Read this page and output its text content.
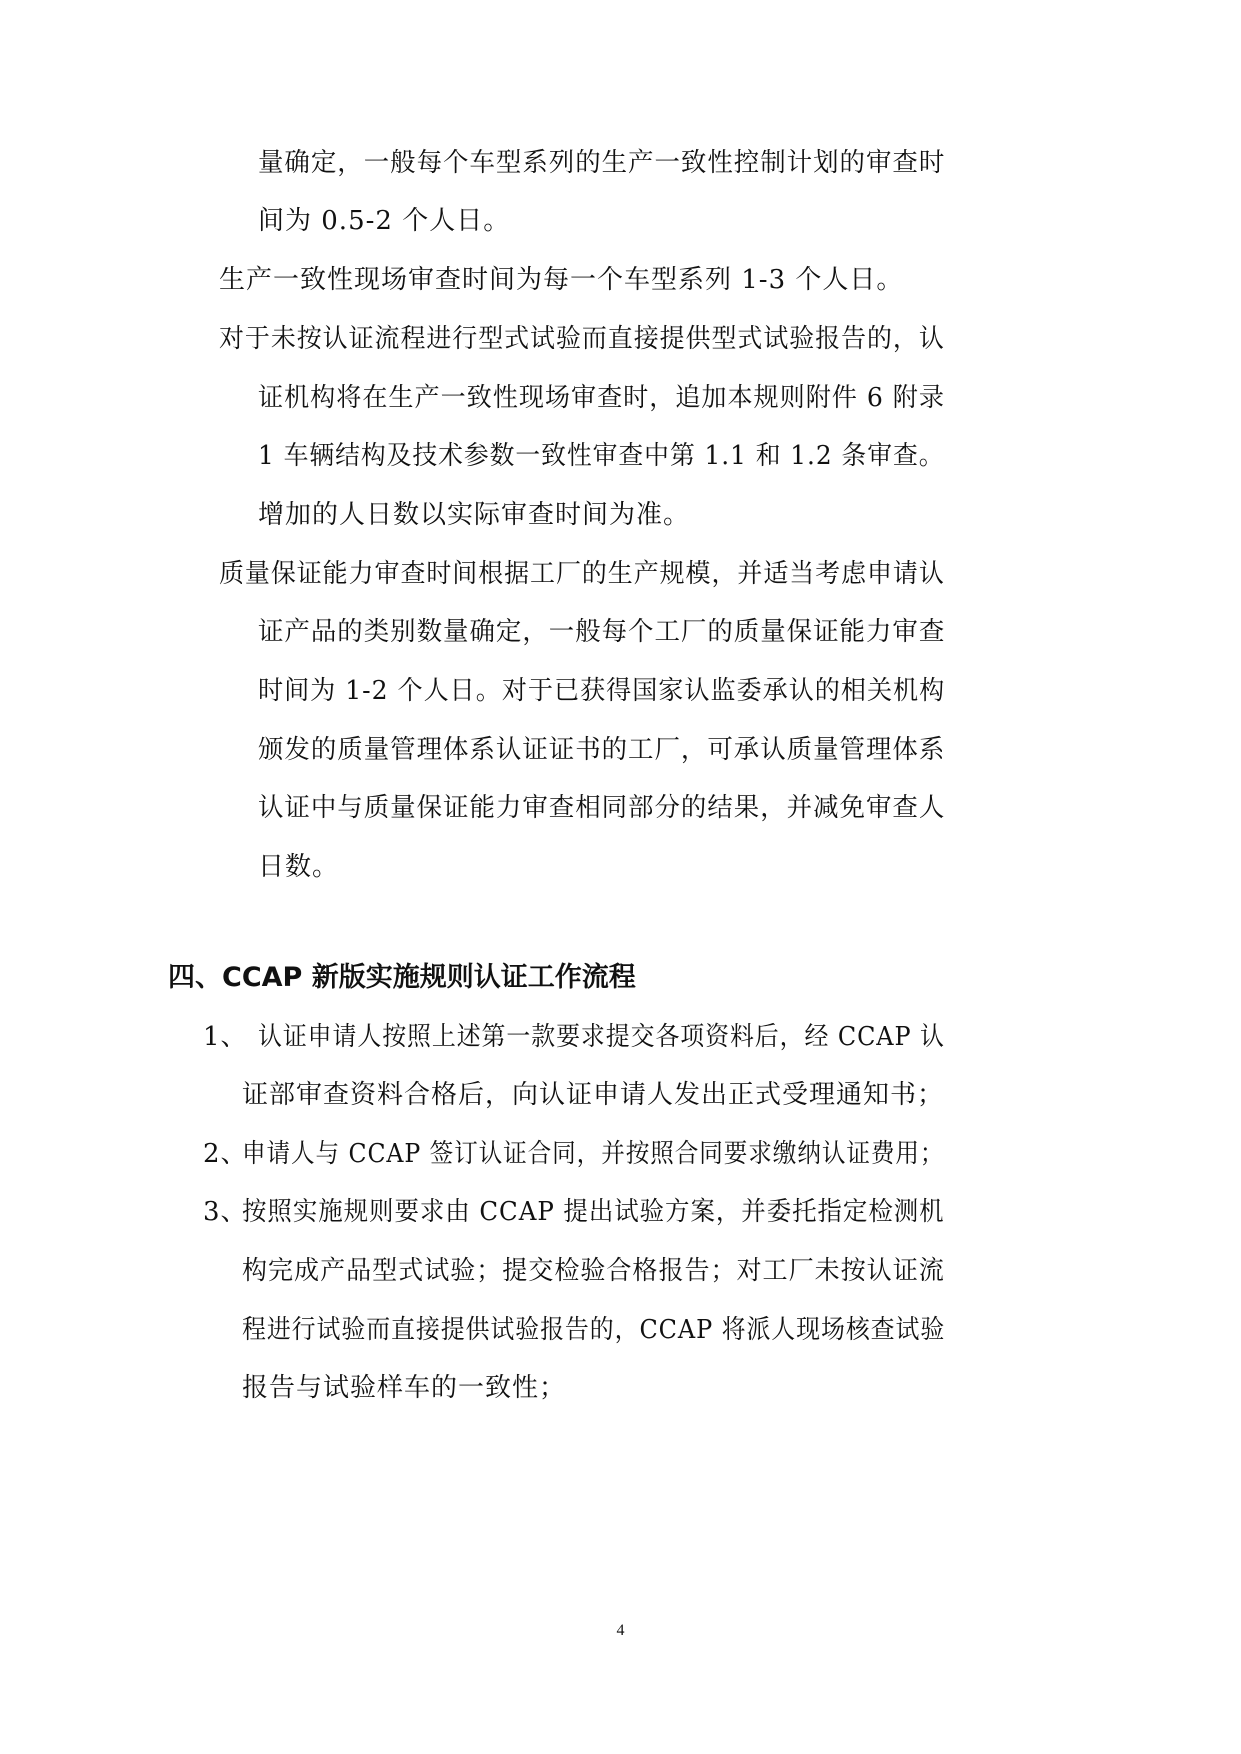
量确定，一般每个车型系列的生产一致性控制计划的审查时
间为 0.5-2 个人日。
生产一致性现场审查时间为每一个车型系列 1-3 个人日。
对于未按认证流程进行型式试验而直接提供型式试验报告的，认
证机构将在生产一致性现场审查时，追加本规则附件 6 附录
1 车辆结构及技术参数一致性审查中第 1.1 和 1.2 条审查。
增加的人日数以实际审查时间为准。
质量保证能力审查时间根据工厂的生产规模，并适当考虑申请认
证产品的类别数量确定，一般每个工厂的质量保证能力审查
时间为 1-2 个人日。对于已获得国家认监委承认的相关机构
颁发的质量管理体系认证证书的工厂，可承认质量管理体系
认证中与质量保证能力审查相同部分的结果，并减免审查人
日数。
四、CCAP 新版实施规则认证工作流程
1、 认证申请人按照上述第一款要求提交各项资料后，经 CCAP 认
证部审查资料合格后，向认证申请人发出正式受理通知书；
2、
申请人与 CCAP 签订认证合同，并按照合同要求缴纳认证费用；
3、
按照实施规则要求由 CCAP 提出试验方案，并委托指定检测机
构完成产品型式试验；提交检验合格报告；对工厂未按认证流
程进行试验而直接提供试验报告的，CCAP 将派人现场核查试验
报告与试验样车的一致性；
4
